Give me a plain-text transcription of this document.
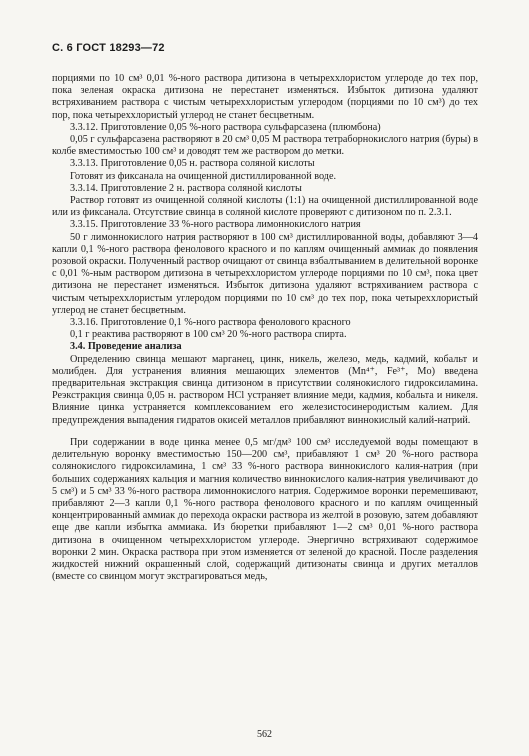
С. 6 ГОСТ 18293—72

порциями по 10 см³ 0,01 %-ного раствора дитизона в четыреххлористом углероде до тех пор, пока зеленая окраска дитизона не перестанет изменяться. Избыток дитизона удаляют встряхиванием раствора с чистым четыреххлористым углеродом (порциями по 10 см³) до тех пор, пока четыреххлористый углерод не станет бесцветным.

3.3.12. Приготовление 0,05 %-ного раствора сульфарсазена (плюмбона)

0,05 г сульфарсазена растворяют в 20 см³ 0,05 М раствора тетраборнокислого натрия (буры) в колбе вместимостью 100 см³ и доводят тем же раствором до метки.

3.3.13. Приготовление 0,05 н. раствора соляной кислоты

Готовят из фиксанала на очищенной дистиллированной воде.

3.3.14. Приготовление 2 н. раствора соляной кислоты

Раствор готовят из очищенной соляной кислоты (1:1) на очищенной дистиллированной воде или из фиксанала. Отсутствие свинца в соляной кислоте проверяют с дитизоном по п. 2.3.1.

3.3.15. Приготовление 33 %-ного раствора лимоннокислого натрия

50 г лимоннокислого натрия растворяют в 100 см³ дистиллированной воды, добавляют 3—4 капли 0,1 %-ного раствора фенолового красного и по каплям очищенный аммиак до появления розовой окраски. Полученный раствор очищают от свинца взбалтыванием в делительной воронке с 0,01 %-ным раствором дитизона в четыреххлористом углероде порциями по 10 см³, пока цвет дитизона не перестанет изменяться. Избыток дитизона удаляют встряхиванием раствора с чистым четыреххлористым углеродом порциями по 10 см³ до тех пор, пока четыреххлористый углерод не станет бесцветным.

3.3.16. Приготовление 0,1 %-ного раствора фенолового красного

0,1 г реактива растворяют в 100 см³ 20 %-ного раствора спирта.

3.4. Проведение анализа

Определению свинца мешают марганец, цинк, никель, железо, медь, кадмий, кобальт и молибден. Для устранения влияния мешающих элементов (Mn⁴⁺, Fe³⁺, Mo) введена предварительная экстракция свинца дитизоном в присутствии солянокислого гидроксиламина. Реэкстракция свинца 0,05 н. раствором HCl устраняет влияние меди, кадмия, кобальта и никеля. Влияние цинка устраняется комплексованием его железистосинеродистым калием. Для предупреждения выпадения гидратов окисей металлов прибавляют виннокислый калий-натрий.

При содержании в воде цинка менее 0,5 мг/дм³ 100 см³ исследуемой воды помещают в делительную воронку вместимостью 150—200 см³, прибавляют 1 см³ 20 %-ного раствора солянокислого гидроксиламина, 1 см³ 33 %-ного раствора виннокислого калия-натрия (при больших содержаниях кальция и магния количество виннокислого калия-натрия увеличивают до 5 см³) и 5 см³ 33 %-ного раствора лимоннокислого натрия. Содержимое воронки перемешивают, прибавляют 2—3 капли 0,1 %-ного раствора фенолового красного и по каплям очищенный концентрированный аммиак до перехода окраски раствора из желтой в розовую, затем добавляют еще две капли избытка аммиака. Из бюретки прибавляют 1—2 см³ 0,01 %-ного раствора дитизона в очищенном четыреххлористом углероде. Энергично встряхивают содержимое воронки 2 мин. Окраска раствора при этом изменяется от зеленой до красной. После разделения жидкостей нижний окрашенный слой, содержащий дитизонаты свинца и других металлов (вместе со свинцом могут экстрагироваться медь,

562
